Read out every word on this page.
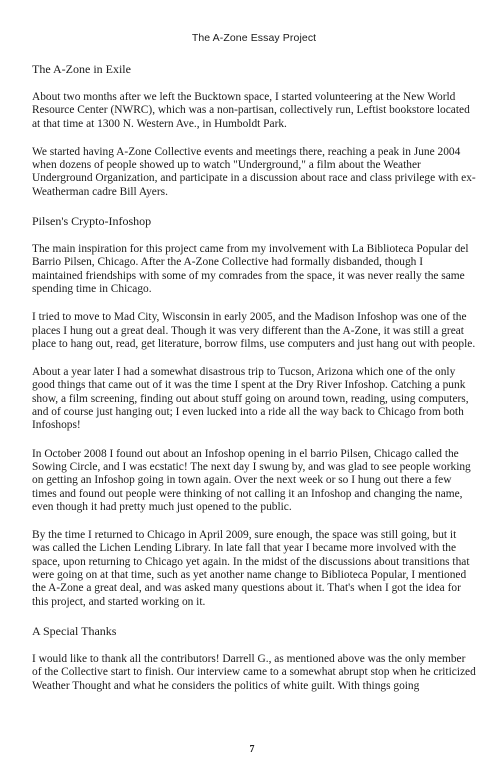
The A-Zone Essay Project
The A-Zone in Exile

About two months after we left the Bucktown space, I started volunteering at the New World Resource Center (NWRC), which was a non-partisan, collectively run, Leftist bookstore located at that time at 1300 N. Western Ave., in Humboldt Park.

We started having A-Zone Collective events and meetings there, reaching a peak in June 2004 when dozens of people showed up to watch "Underground," a film about the Weather Underground Organization, and participate in a discussion about race and class privilege with ex-Weatherman cadre Bill Ayers.

Pilsen's Crypto-Infoshop

The main inspiration for this project came from my involvement with La Biblioteca Popular del Barrio Pilsen, Chicago. After the A-Zone Collective had formally disbanded, though I maintained friendships with some of my comrades from the space, it was never really the same spending time in Chicago.

I tried to move to Mad City, Wisconsin in early 2005, and the Madison Infoshop was one of the places I hung out a great deal. Though it was very different than the A-Zone, it was still a great place to hang out, read, get literature, borrow films, use computers and just hang out with people.

About a year later I had a somewhat disastrous trip to Tucson, Arizona which one of the only good things that came out of it was the time I spent at the Dry River Infoshop. Catching a punk show, a film screening, finding out about stuff going on around town, reading, using computers, and of course just hanging out; I even lucked into a ride all the way back to Chicago from both Infoshops!

In October 2008 I found out about an Infoshop opening in el barrio Pilsen, Chicago called the Sowing Circle, and I was ecstatic! The next day I swung by, and was glad to see people working on getting an Infoshop going in town again. Over the next week or so I hung out there a few times and found out people were thinking of not calling it an Infoshop and changing the name, even though it had pretty much just opened to the public.

By the time I returned to Chicago in April 2009, sure enough, the space was still going, but it was called the Lichen Lending Library. In late fall that year I became more involved with the space, upon returning to Chicago yet again. In the midst of the discussions about transitions that were going on at that time, such as yet another name change to Biblioteca Popular, I mentioned the A-Zone a great deal, and was asked many questions about it. That's when I got the idea for this project, and started working on it.

A Special Thanks

I would like to thank all the contributors! Darrell G., as mentioned above was the only member of the Collective start to finish. Our interview came to a somewhat abrupt stop when he criticized Weather Thought and what he considers the politics of white guilt. With things going

7
